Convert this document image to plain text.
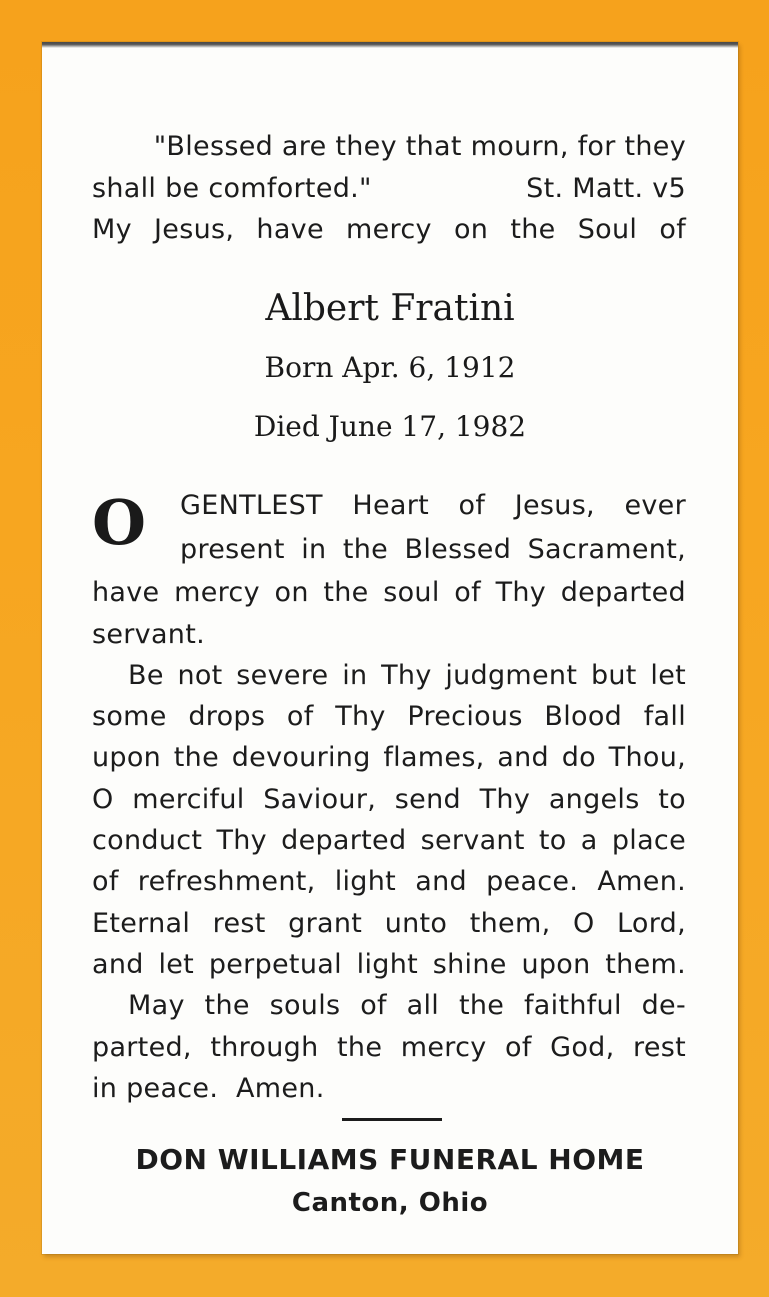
"Blessed are they that mourn, for they
shall be comforted."	St. Matt. v5
My Jesus, have mercy on the Soul of
Albert Fratini
Born Apr. 6, 1912
Died June 17, 1982
O GENTLEST Heart of Jesus, ever
present in the Blessed Sacrament,
have mercy on the soul of Thy departed
servant.
Be not severe in Thy judgment but let
some drops of Thy Precious Blood fall
upon the devouring flames, and do Thou,
O merciful Saviour, send Thy angels to
conduct Thy departed servant to a place
of refreshment, light and peace. Amen.
Eternal rest grant unto them, O Lord,
and let perpetual light shine upon them.
May the souls of all the faithful de-
parted, through the mercy of God, rest
in peace.  Amen.
DON WILLIAMS FUNERAL HOME
Canton, Ohio
